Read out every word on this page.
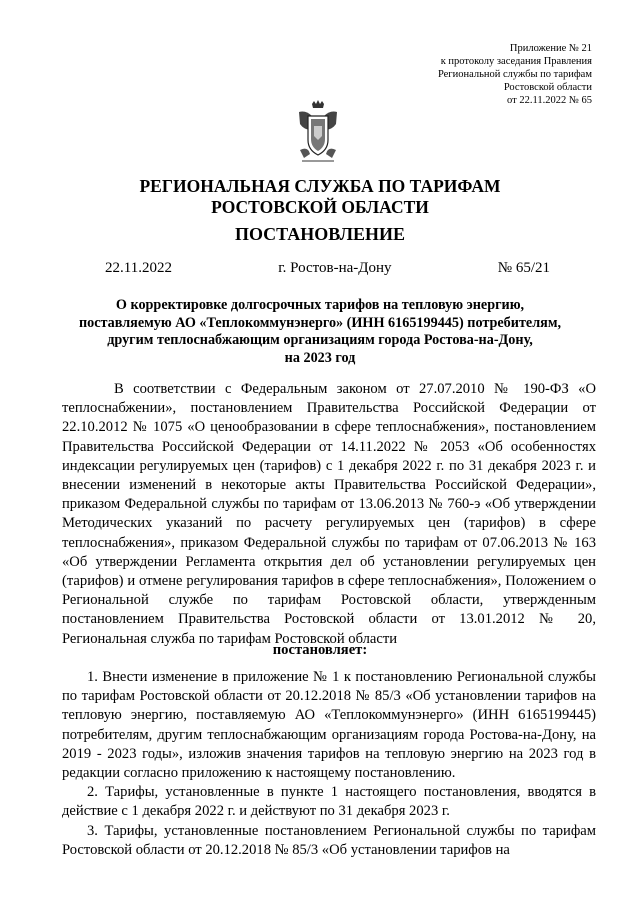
Приложение № 21
к протоколу заседания Правления
Региональной службы по тарифам
Ростовской области
от 22.11.2022 № 65
РЕГИОНАЛЬНАЯ СЛУЖБА ПО ТАРИФАМ
РОСТОВСКОЙ ОБЛАСТИ
ПОСТАНОВЛЕНИЕ
22.11.2022	г. Ростов-на-Дону	№ 65/21
О корректировке долгосрочных тарифов на тепловую энергию,
поставляемую АО «Теплокоммунэнерго» (ИНН 6165199445) потребителям,
другим теплоснабжающим организациям города Ростова-на-Дону,
на 2023 год
В соответствии с Федеральным законом от 27.07.2010 № 190-ФЗ «О теплоснабжении», постановлением Правительства Российской Федерации от 22.10.2012 № 1075 «О ценообразовании в сфере теплоснабжения», постановлением Правительства Российской Федерации от 14.11.2022 № 2053 «Об особенностях индексации регулируемых цен (тарифов) с 1 декабря 2022 г. по 31 декабря 2023 г. и внесении изменений в некоторые акты Правительства Российской Федерации», приказом Федеральной службы по тарифам от 13.06.2013 № 760-э «Об утверждении Методических указаний по расчету регулируемых цен (тарифов) в сфере теплоснабжения», приказом Федеральной службы по тарифам от 07.06.2013 № 163 «Об утверждении Регламента открытия дел об установлении регулируемых цен (тарифов) и отмене регулирования тарифов в сфере теплоснабжения», Положением о Региональной службе по тарифам Ростовской области, утвержденным постановлением Правительства Ростовской области от 13.01.2012 № 20, Региональная служба по тарифам Ростовской области
постановляет:

1. Внести изменение в приложение № 1 к постановлению Региональной службы по тарифам Ростовской области от 20.12.2018 № 85/3 «Об установлении тарифов на тепловую энергию, поставляемую АО «Теплокоммунэнерго» (ИНН 6165199445) потребителям, другим теплоснабжающим организациям города Ростова-на-Дону, на 2019 - 2023 годы», изложив значения тарифов на тепловую энергию на 2023 год в редакции согласно приложению к настоящему постановлению.

2. Тарифы, установленные в пункте 1 настоящего постановления, вводятся в действие с 1 декабря 2022 г. и действуют по 31 декабря 2023 г.

3. Тарифы, установленные постановлением Региональной службы по тарифам Ростовской области от 20.12.2018 № 85/3 «Об установлении тарифов на
